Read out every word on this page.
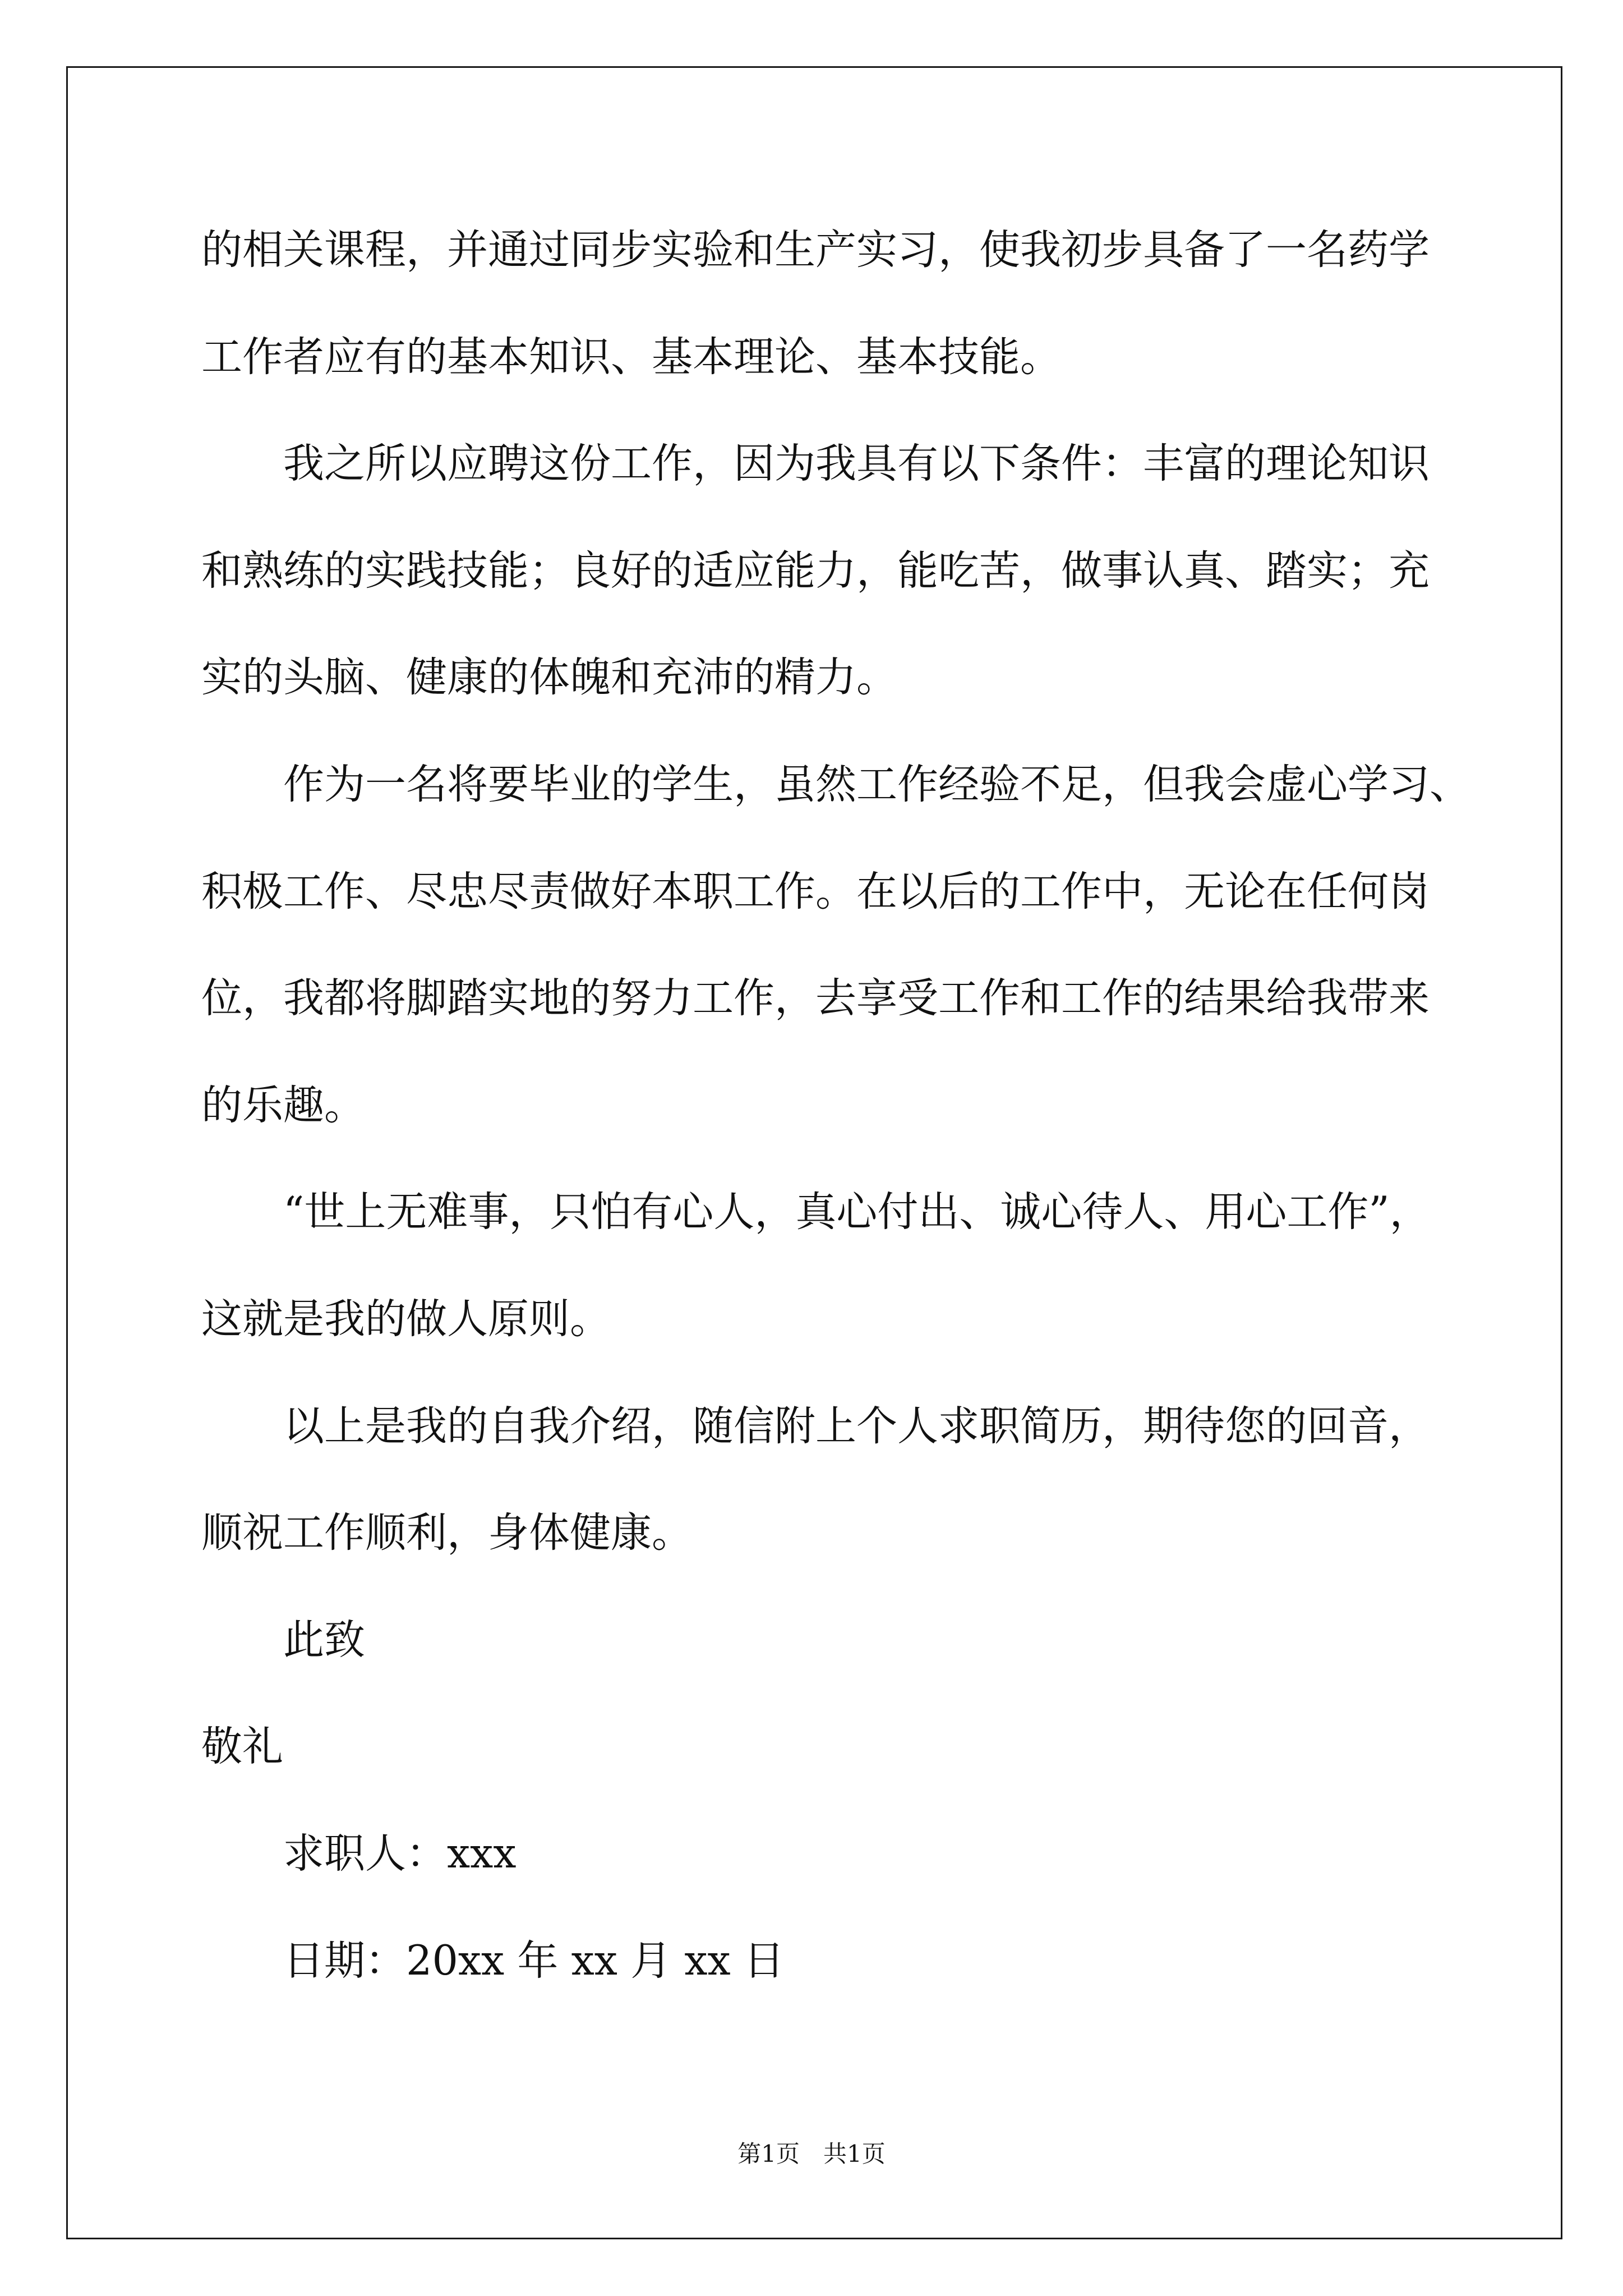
的相关课程，并通过同步实验和生产实习，使我初步具备了一名药学
工作者应有的基本知识、基本理论、基本技能。
我之所以应聘这份工作，因为我具有以下条件：丰富的理论知识
和熟练的实践技能；良好的适应能力，能吃苦，做事认真、踏实；充
实的头脑、健康的体魄和充沛的精力。
作为一名将要毕业的学生，虽然工作经验不足，但我会虚心学习、
积极工作、尽忠尽责做好本职工作。在以后的工作中，无论在任何岗
位，我都将脚踏实地的努力工作，去享受工作和工作的结果给我带来
的乐趣。
“世上无难事，只怕有心人，真心付出、诚心待人、用心工作”，
这就是我的做人原则。
以上是我的自我介绍，随信附上个人求职简历，期待您的回音，
顺祝工作顺利，身体健康。
此致
敬礼
求职人：xxx
日期：20xx 年 xx 月 xx 日
第1页　共1页
